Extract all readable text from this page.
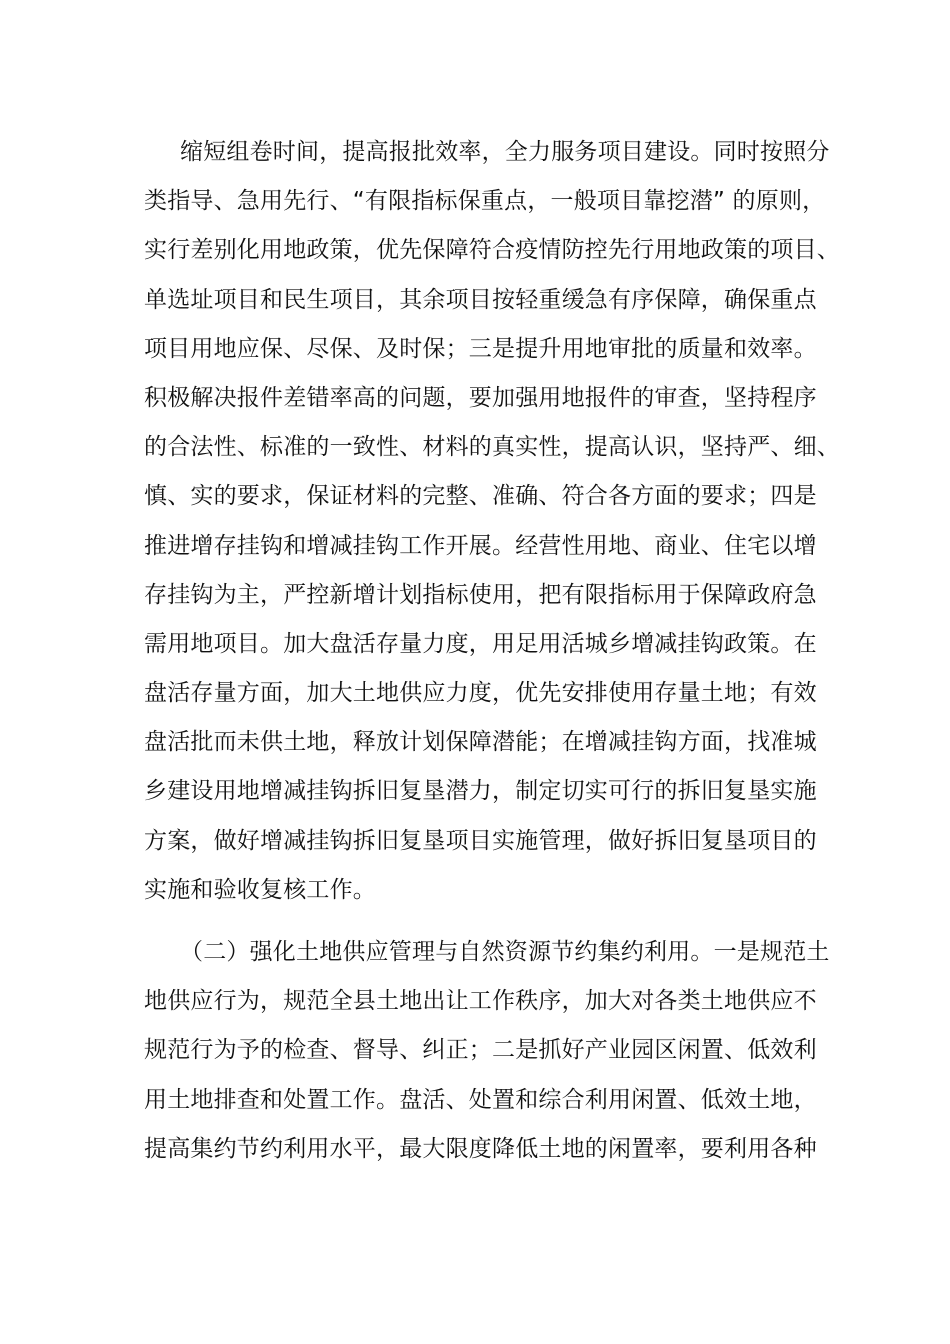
缩短组卷时间，提高报批效率，全力服务项目建设。同时按照分
类指导、急用先行、“有限指标保重点，一般项目靠挖潜” 的原则，
实行差别化用地政策，优先保障符合疫情防控先行用地政策的项目、
单选址项目和民生项目，其余项目按轻重缓急有序保障，确保重点
项目用地应保、尽保、及时保；三是提升用地审批的质量和效率。
积极解决报件差错率高的问题，要加强用地报件的审查，坚持程序
的合法性、标准的一致性、材料的真实性，提高认识，坚持严、细、
慎、实的要求，保证材料的完整、准确、符合各方面的要求；四是
推进增存挂钩和增减挂钩工作开展。经营性用地、商业、住宅以增
存挂钩为主，严控新增计划指标使用，把有限指标用于保障政府急
需用地项目。加大盘活存量力度，用足用活城乡增减挂钩政策。在
盘活存量方面，加大土地供应力度，优先安排使用存量土地；有效
盘活批而未供土地，释放计划保障潜能；在增减挂钩方面，找准城
乡建设用地增减挂钩拆旧复垦潜力，制定切实可行的拆旧复垦实施
方案，做好增减挂钩拆旧复垦项目实施管理，做好拆旧复垦项目的
实施和验收复核工作。
（二）强化土地供应管理与自然资源节约集约利用。一是规范土
地供应行为，规范全县土地出让工作秩序，加大对各类土地供应不
规范行为予的检查、督导、纠正；二是抓好产业园区闲置、低效利
用土地排查和处置工作。盘活、处置和综合利用闲置、低效土地，
提高集约节约利用水平，最大限度降低土地的闲置率，要利用各种
